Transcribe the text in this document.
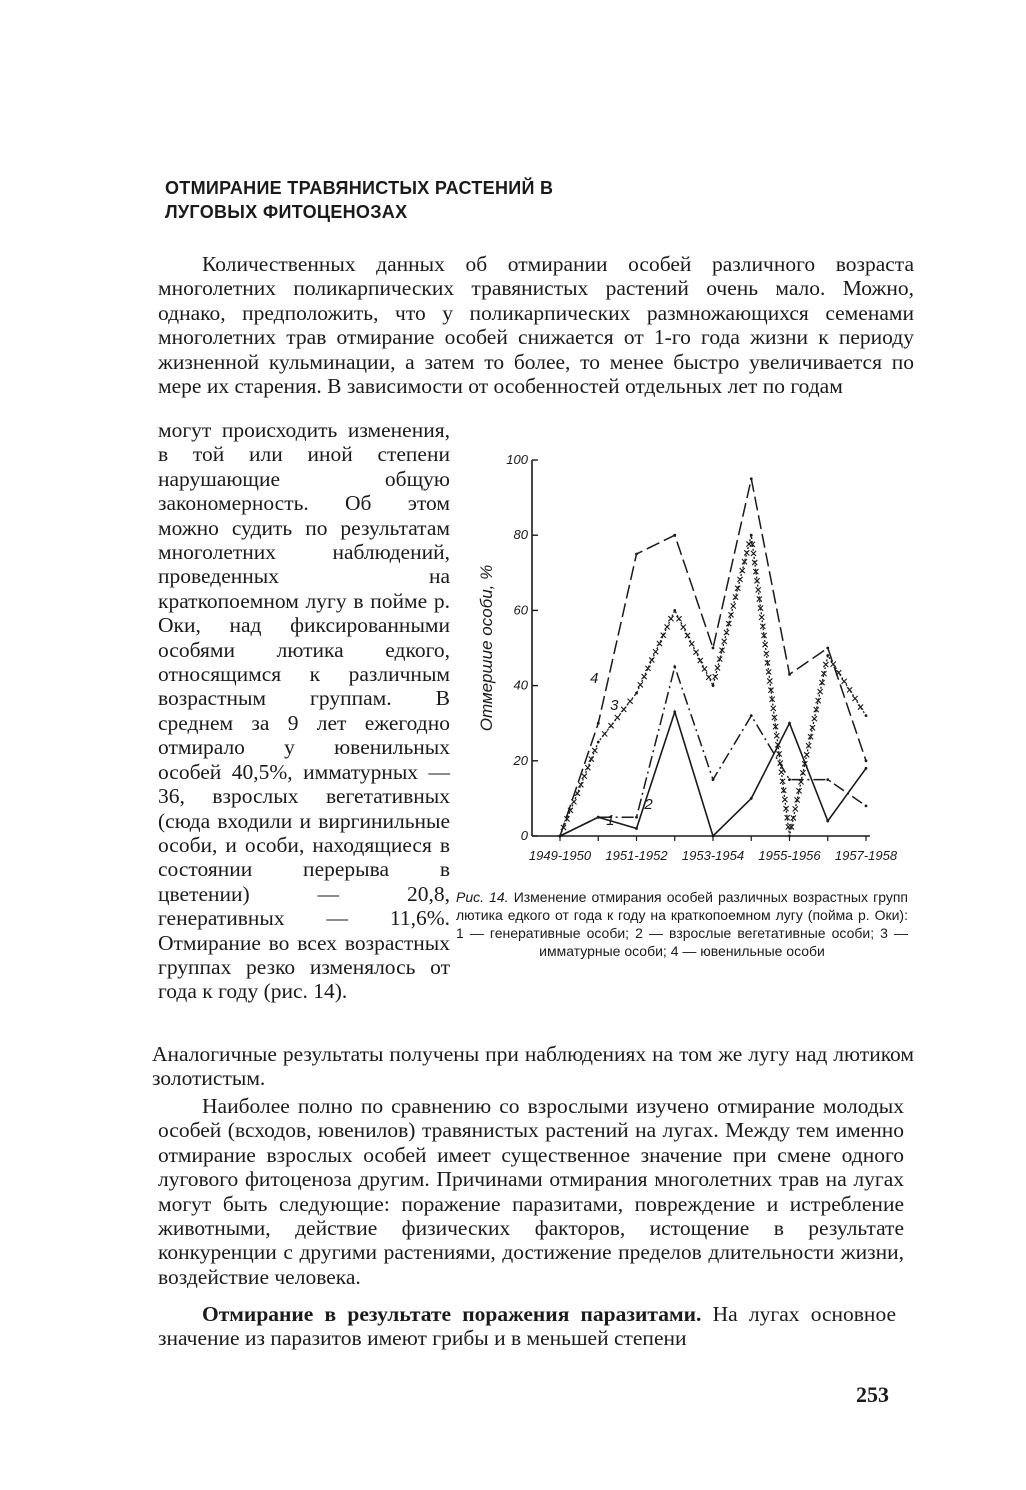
ОТМИРАНИЕ ТРАВЯНИСТЫХ РАСТЕНИЙ В ЛУГОВЫХ ФИТОЦЕНОЗАХ
Количественных данных об отмирании особей различного возраста многолетних поликарпических травянистых растений очень мало. Можно, однако, предположить, что у поликарпических размножающихся семенами многолетних трав отмирание особей снижается от 1-го года жизни к периоду жизненной кульминации, а затем то более, то менее быстро увеличивается по мере их старения. В зависимости от особенностей отдельных лет по годам
могут происходить изменения, в той или иной степени нарушающие общую закономерность. Об этом можно судить по результатам многолетних наблюдений, проведенных на краткопоемном лугу в пойме р. Оки, над фиксированными особями лютика едкого, относящимся к различным возрастным группам. В среднем за 9 лет ежегодно отмирало у ювенильных особей 40,5%, имматурных — 36, взрослых вегетативных (сюда входили и виргинильные особи, и особи, находящиеся в состоянии перерыва в цветении) — 20,8, генеративных — 11,6%. Отмирание во всех возрастных группах резко изменялось от года к году (рис. 14).
0
20
40
60
80
100
1949-1950 1951-1952 1953-1954 1955-1956 1957-1958
Отмершие особи, %
1
2
3
4
Рис. 14. Изменение отмирания особей различных возрастных групп лютика едкого от года к году на краткопоемном лугу (пойма р. Оки): 1 — генеративные особи; 2 — взрослые вегетативные особи; 3 — имматурные особи; 4 — ювенильные особи
Аналогичные результаты получены при наблюдениях на том же лугу над лютиком золотистым.
Наиболее полно по сравнению со взрослыми изучено отмирание молодых особей (всходов, ювенилов) травянистых растений на лугах. Между тем именно отмирание взрослых особей имеет существенное значение при смене одного лугового фитоценоза другим. Причинами отмирания многолетних трав на лугах могут быть следующие: поражение паразитами, повреждение и истребление животными, действие физических факторов, истощение в результате конкуренции с другими растениями, достижение пределов длительности жизни, воздействие человека.
Отмирание в результате поражения паразитами. На лугах основное значение из паразитов имеют грибы и в меньшей степени
253
